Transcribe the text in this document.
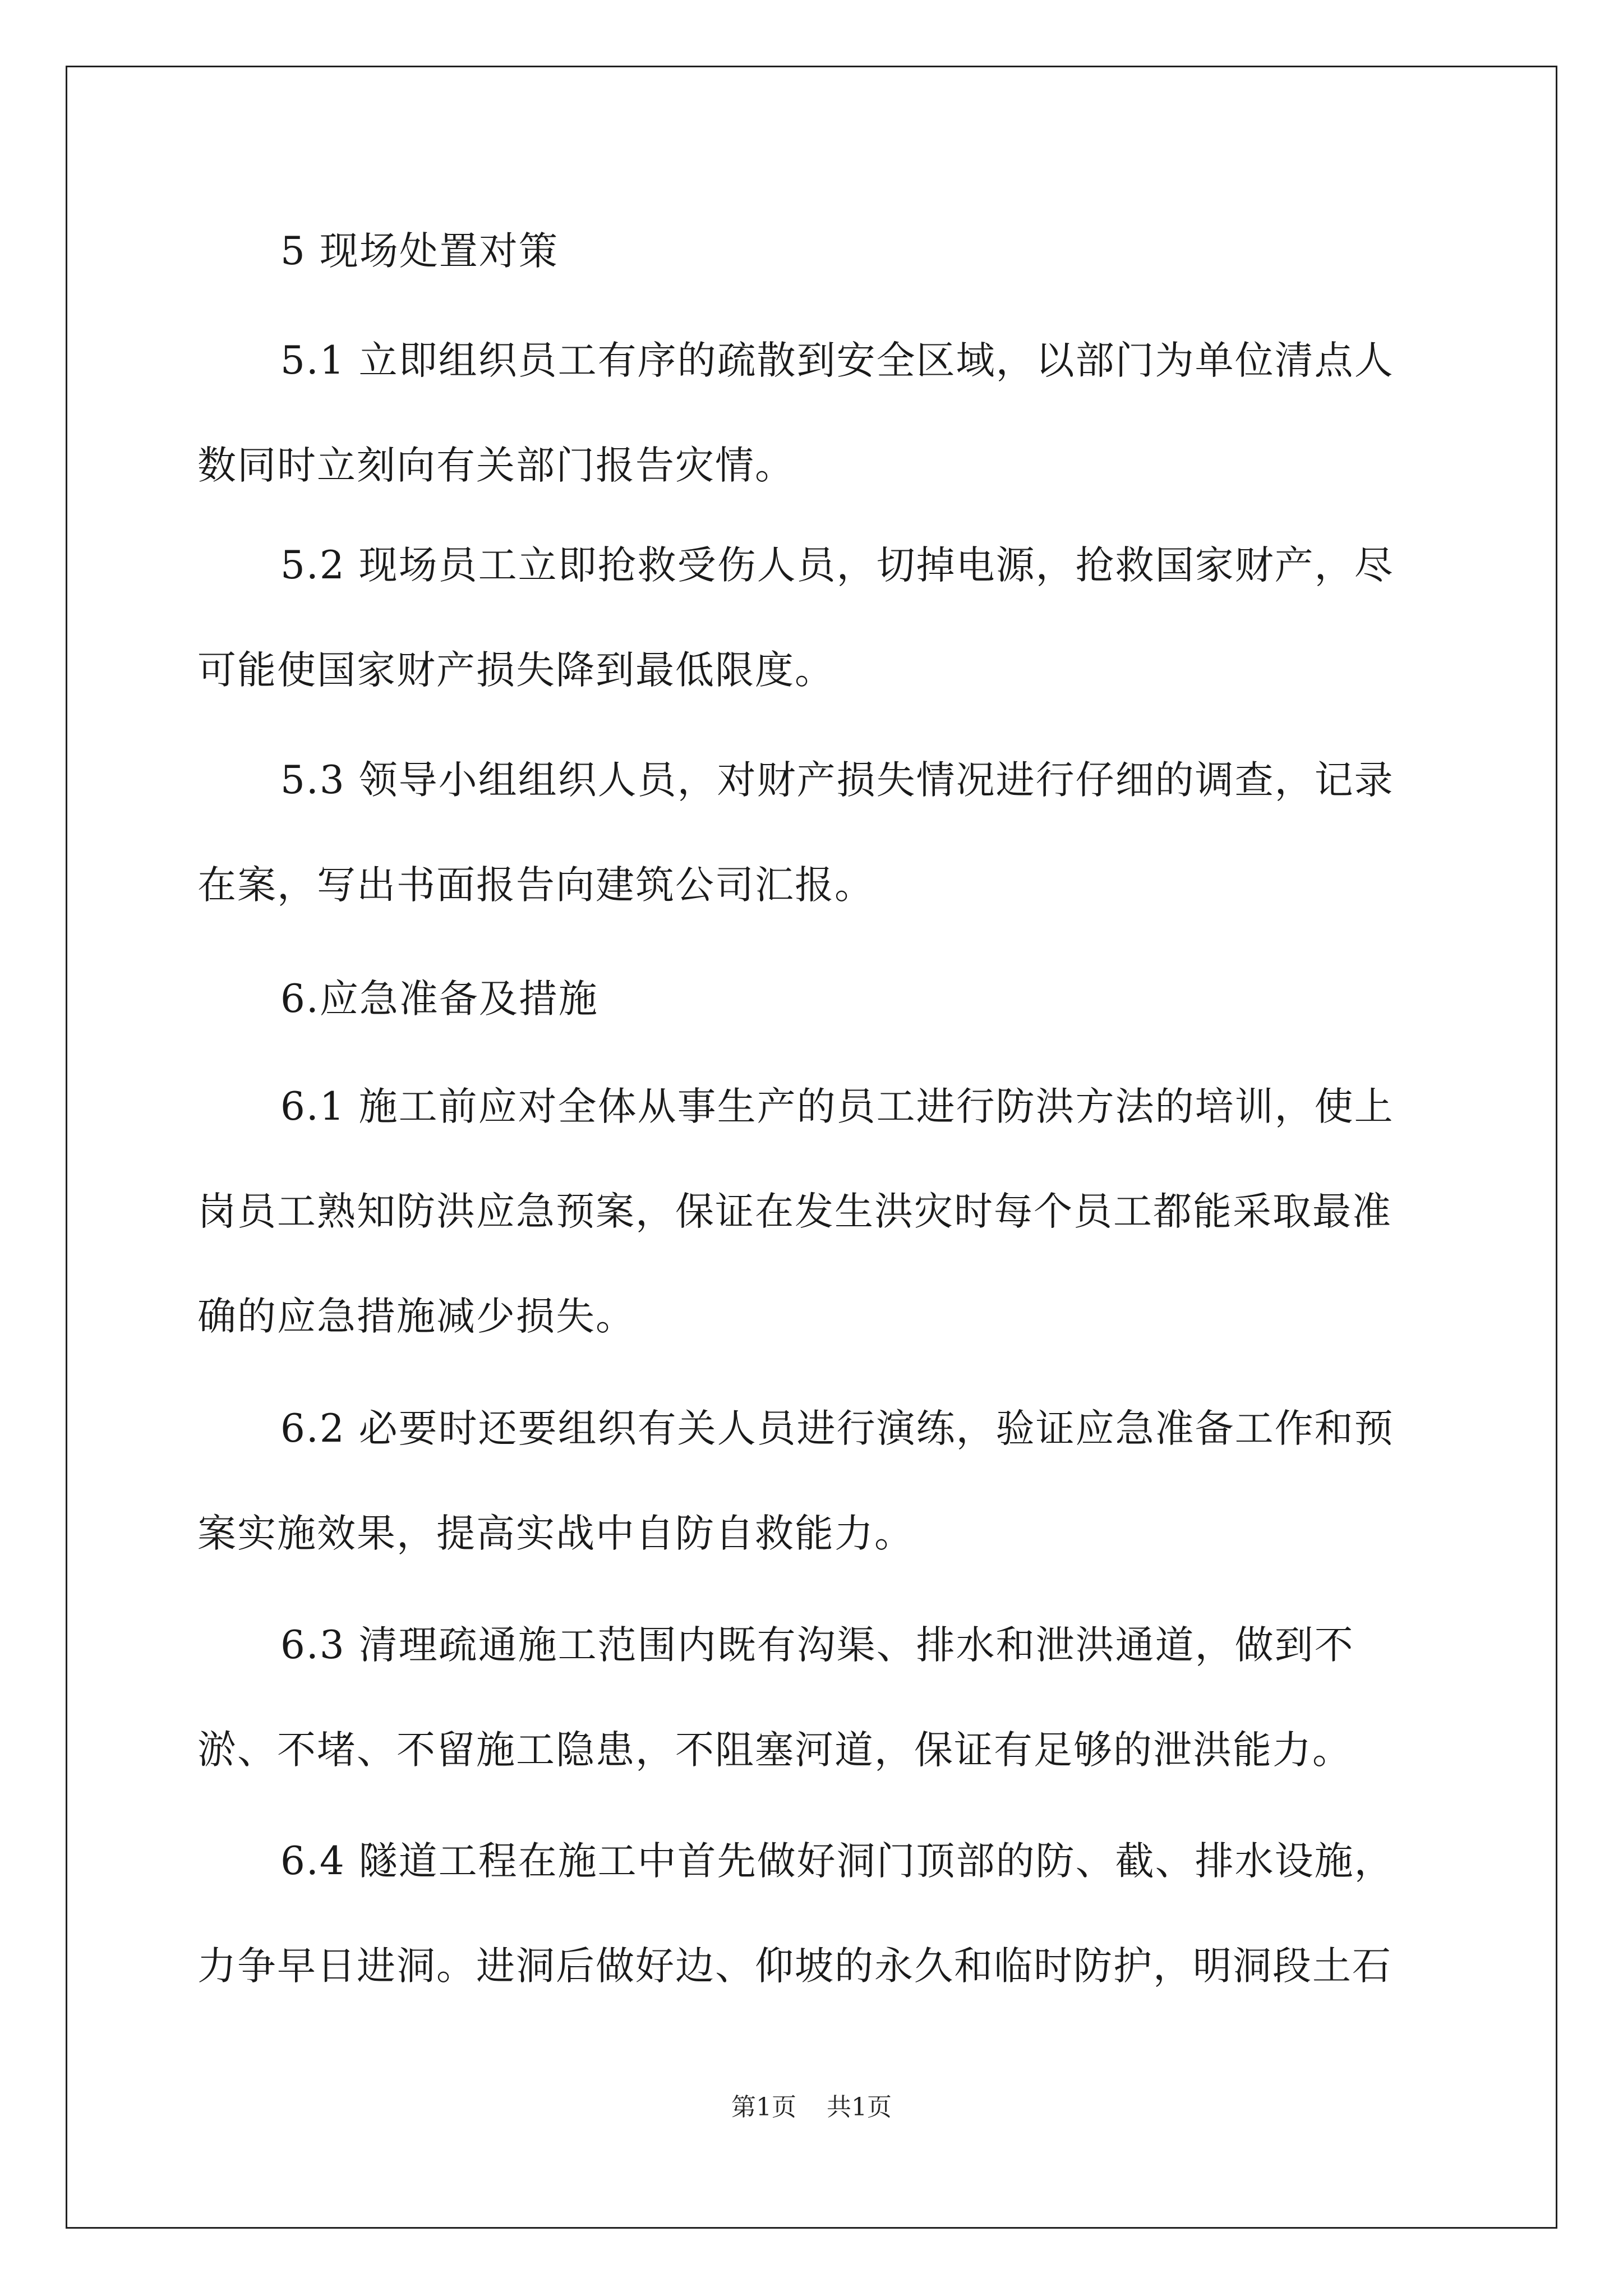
5 现场处置对策

5.1 立即组织员工有序的疏散到安全区域，以部门为单位清点人数同时立刻向有关部门报告灾情。

5.2 现场员工立即抢救受伤人员，切掉电源，抢救国家财产，尽可能使国家财产损失降到最低限度。

5.3 领导小组组织人员，对财产损失情况进行仔细的调查，记录在案，写出书面报告向建筑公司汇报。

6.应急准备及措施

6.1 施工前应对全体从事生产的员工进行防洪方法的培训，使上岗员工熟知防洪应急预案，保证在发生洪灾时每个员工都能采取最准确的应急措施减少损失。

6.2 必要时还要组织有关人员进行演练，验证应急准备工作和预案实施效果，提高实战中自防自救能力。

6.3 清理疏通施工范围内既有沟渠、排水和泄洪通道，做到不淤、不堵、不留施工隐患，不阻塞河道，保证有足够的泄洪能力。

6.4 隧道工程在施工中首先做好洞门顶部的防、截、排水设施，力争早日进洞。进洞后做好边、仰坡的永久和临时防护，明洞段土石

第1页 共1页
